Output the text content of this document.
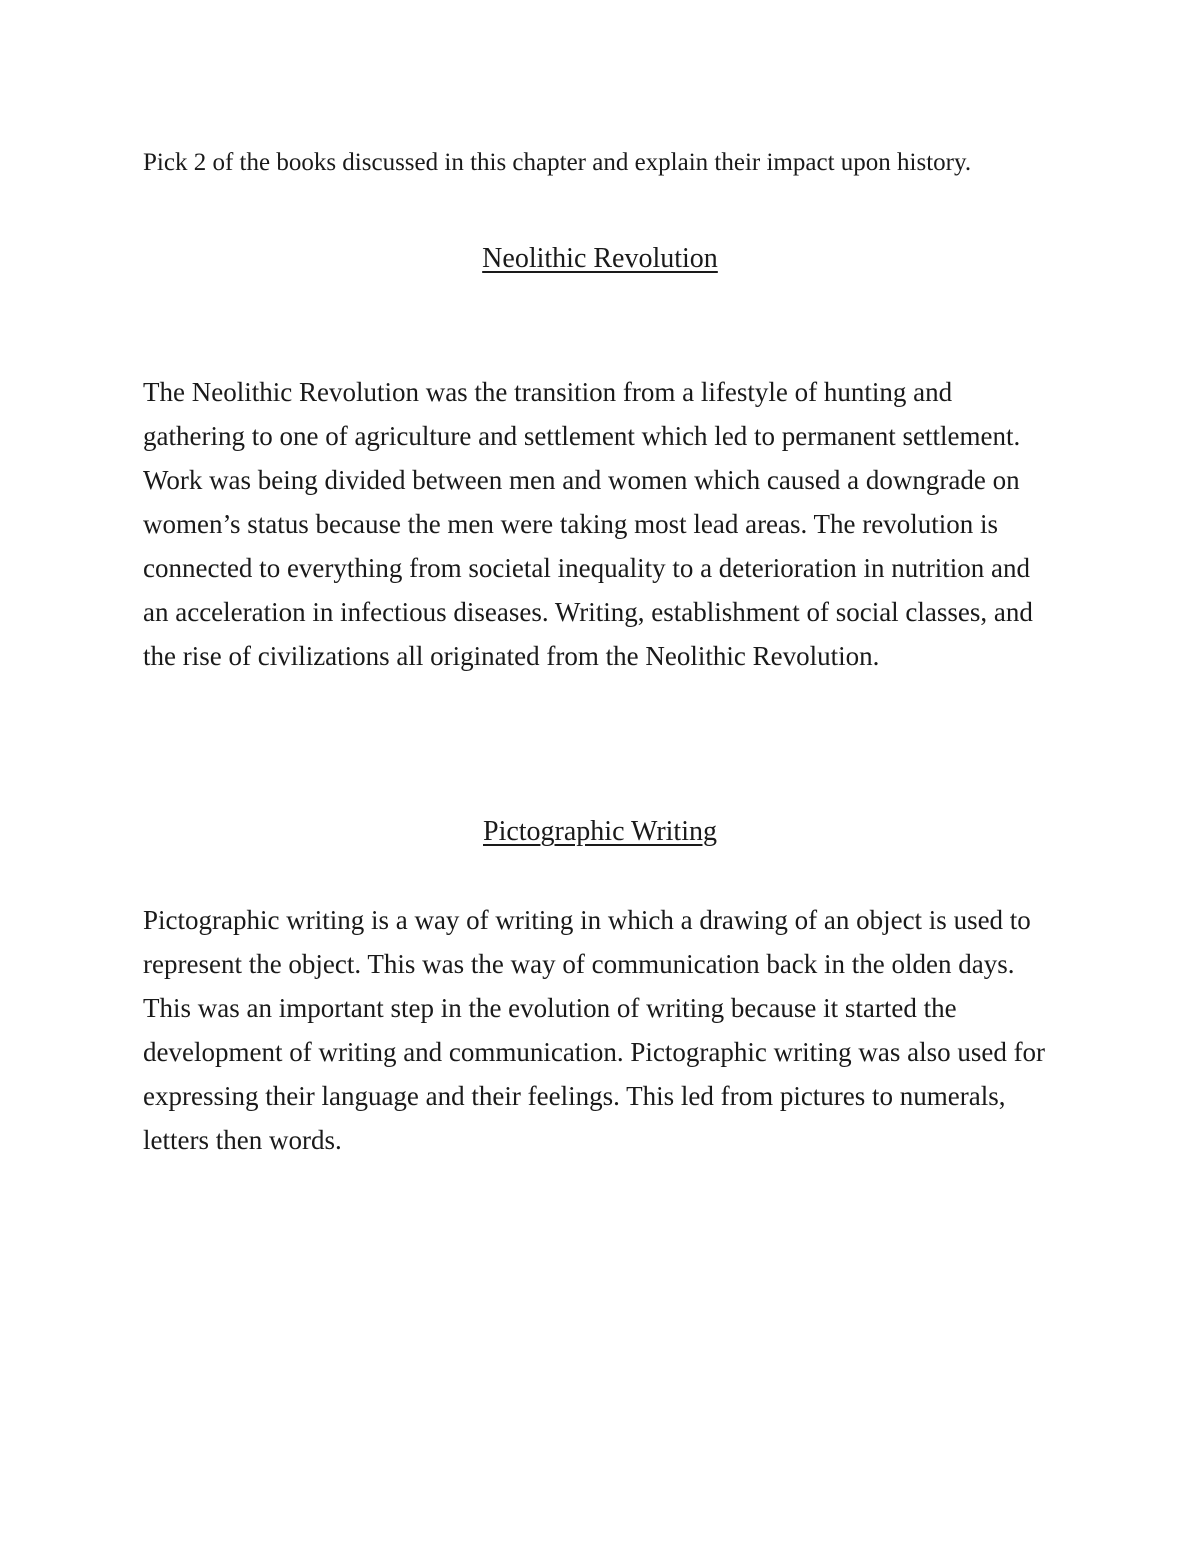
Pick 2 of the books discussed in this chapter and explain their impact upon history.

Neolithic Revolution

The Neolithic Revolution was the transition from a lifestyle of hunting and gathering to one of agriculture and settlement which led to permanent settlement. Work was being divided between men and women which caused a downgrade on women’s status because the men were taking most lead areas. The revolution is connected to everything from societal inequality to a deterioration in nutrition and an acceleration in infectious diseases. Writing, establishment of social classes, and the rise of civilizations all originated from the Neolithic Revolution.

Pictographic Writing

Pictographic writing is a way of writing in which a drawing of an object is used to represent the object. This was the way of communication back in the olden days. This was an important step in the evolution of writing because it started the development of writing and communication. Pictographic writing was also used for expressing their language and their feelings. This led from pictures to numerals, letters then words.
